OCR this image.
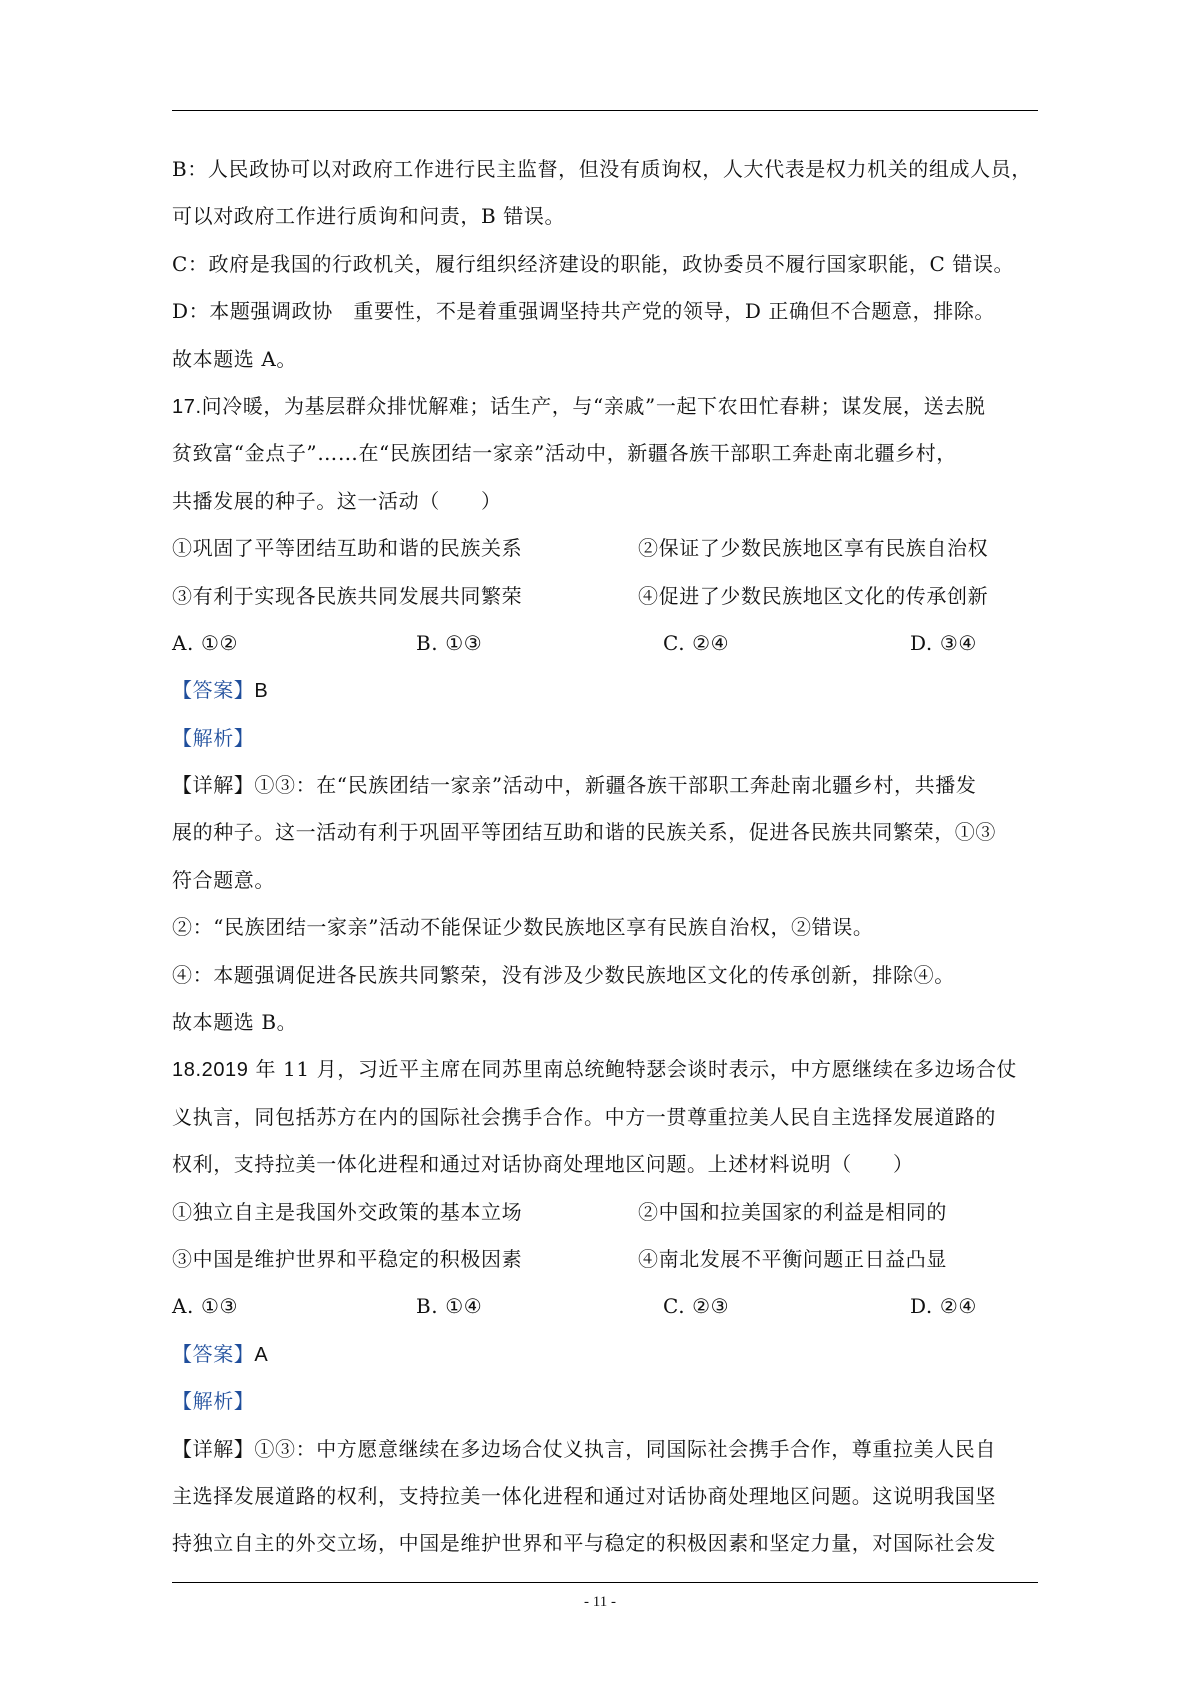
B：人民政协可以对政府工作进行民主监督，但没有质询权，人大代表是权力机关的组成人员，
可以对政府工作进行质询和问责，B 错误。
C：政府是我国的行政机关，履行组织经济建设的职能，政协委员不履行国家职能，C 错误。
D：本题强调政协　重要性，不是着重强调坚持共产党的领导，D 正确但不合题意，排除。
故本题选 A。
17.问冷暖，为基层群众排忧解难；话生产，与“亲戚”一起下农田忙春耕；谋发展，送去脱
贫致富“金点子”……在“民族团结一家亲”活动中，新疆各族干部职工奔赴南北疆乡村，
共播发展的种子。这一活动（　　）
①巩固了平等团结互助和谐的民族关系	②保证了少数民族地区享有民族自治权
③有利于实现各民族共同发展共同繁荣	④促进了少数民族地区文化的传承创新
A. ①②	B. ①③	C. ②④	D. ③④
【答案】B
【解析】
【详解】①③：在“民族团结一家亲”活动中，新疆各族干部职工奔赴南北疆乡村，共播发
展的种子。这一活动有利于巩固平等团结互助和谐的民族关系，促进各民族共同繁荣，①③
符合题意。
②：“民族团结一家亲”活动不能保证少数民族地区享有民族自治权，②错误。
④：本题强调促进各民族共同繁荣，没有涉及少数民族地区文化的传承创新，排除④。
故本题选 B。
18.2019 年 11 月，习近平主席在同苏里南总统鲍特瑟会谈时表示，中方愿继续在多边场合仗
义执言，同包括苏方在内的国际社会携手合作。中方一贯尊重拉美人民自主选择发展道路的
权利，支持拉美一体化进程和通过对话协商处理地区问题。上述材料说明（　　）
①独立自主是我国外交政策的基本立场	②中国和拉美国家的利益是相同的
③中国是维护世界和平稳定的积极因素	④南北发展不平衡问题正日益凸显
A. ①③	B. ①④	C. ②③	D. ②④
【答案】A
【解析】
【详解】①③：中方愿意继续在多边场合仗义执言，同国际社会携手合作，尊重拉美人民自
主选择发展道路的权利，支持拉美一体化进程和通过对话协商处理地区问题。这说明我国坚
持独立自主的外交立场，中国是维护世界和平与稳定的积极因素和坚定力量，对国际社会发
- 11 -
